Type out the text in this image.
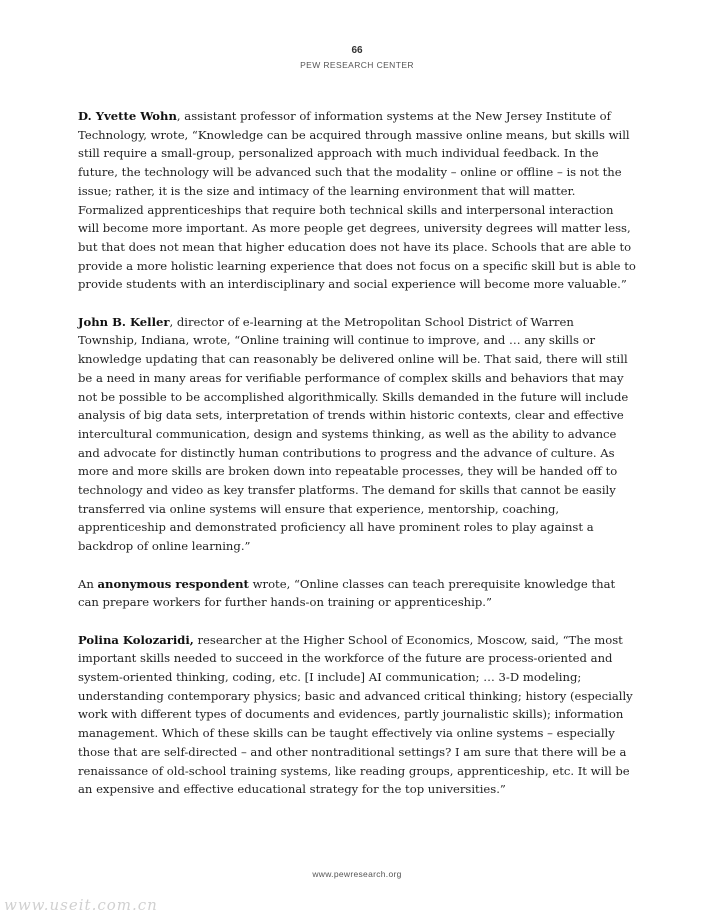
66
PEW RESEARCH CENTER

D. Yvette Wohn, assistant professor of information systems at the New Jersey Institute of Technology, wrote, “Knowledge can be acquired through massive online means, but skills will still require a small-group, personalized approach with much individual feedback. In the future, the technology will be advanced such that the modality – online or offline – is not the issue; rather, it is the size and intimacy of the learning environment that will matter. Formalized apprenticeships that require both technical skills and interpersonal interaction will become more important. As more people get degrees, university degrees will matter less, but that does not mean that higher education does not have its place. Schools that are able to provide a more holistic learning experience that does not focus on a specific skill but is able to provide students with an interdisciplinary and social experience will become more valuable.”

John B. Keller, director of e-learning at the Metropolitan School District of Warren Township, Indiana, wrote, “Online training will continue to improve, and … any skills or knowledge updating that can reasonably be delivered online will be. That said, there will still be a need in many areas for verifiable performance of complex skills and behaviors that may not be possible to be accomplished algorithmically. Skills demanded in the future will include analysis of big data sets, interpretation of trends within historic contexts, clear and effective intercultural communication, design and systems thinking, as well as the ability to advance and advocate for distinctly human contributions to progress and the advance of culture. As more and more skills are broken down into repeatable processes, they will be handed off to technology and video as key transfer platforms. The demand for skills that cannot be easily transferred via online systems will ensure that experience, mentorship, coaching, apprenticeship and demonstrated proficiency all have prominent roles to play against a backdrop of online learning.”

An anonymous respondent wrote, “Online classes can teach prerequisite knowledge that can prepare workers for further hands-on training or apprenticeship.”

Polina Kolozaridi, researcher at the Higher School of Economics, Moscow, said, “The most important skills needed to succeed in the workforce of the future are process-oriented and system-oriented thinking, coding, etc. [I include] AI communication; … 3-D modeling; understanding contemporary physics; basic and advanced critical thinking; history (especially work with different types of documents and evidences, partly journalistic skills); information management. Which of these skills can be taught effectively via online systems – especially those that are self-directed – and other nontraditional settings? I am sure that there will be a renaissance of old-school training systems, like reading groups, apprenticeship, etc. It will be an expensive and effective educational strategy for the top universities.”

www.pewresearch.org
www.useit.com.cn
